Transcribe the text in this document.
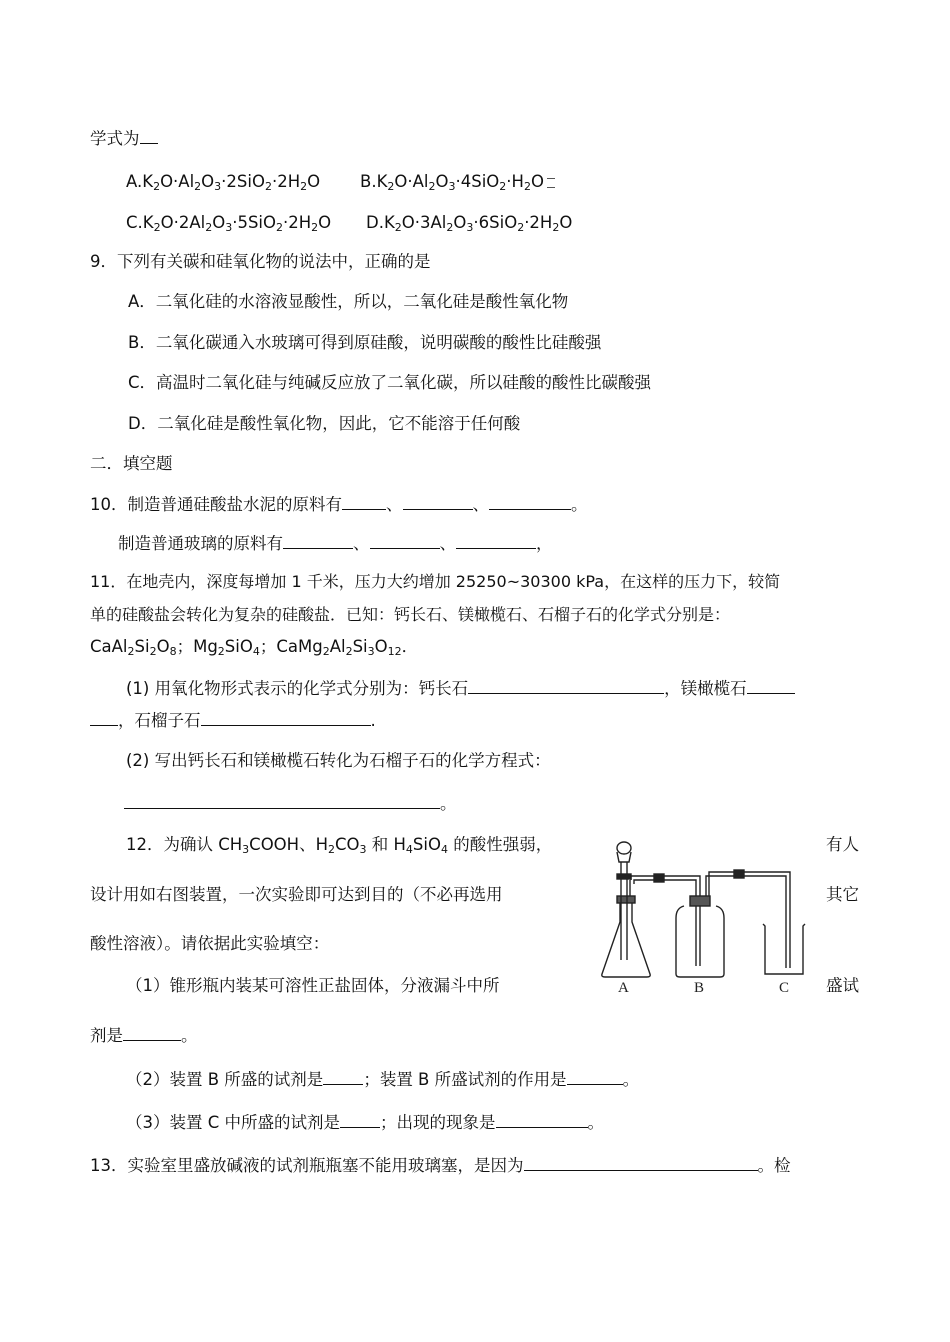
学式为
$A.K_2O\cdot Al_2O_3\cdot 2SiO_2\cdot 2H_2O$ $B.K_2O\cdot Al_2O_3\cdot 4SiO_2\cdot H_2O$
$C.K_2O\cdot 2Al_2O_3\cdot 5SiO_2\cdot 2H_2O$ $D.K_2O\cdot 3Al_2O_3\cdot 6SiO_2\cdot 2H_2O$
9．下列有关碳和硅氧化物的说法中，正确的是
A．二氧化硅的水溶液显酸性，所以，二氧化硅是酸性氧化物
B．二氧化碳通入水玻璃可得到原硅酸，说明碳酸的酸性比硅酸强
C．高温时二氧化硅与纯碱反应放了二氧化碳，所以硅酸的酸性比碳酸强
D．二氧化硅是酸性氧化物，因此，它不能溶于任何酸
二．填空题
10．制造普通硅酸盐水泥的原料有	、	、	。
制造普通玻璃的原料有	、	、	，
11．在地壳内，深度每增加 1 千米，压力大约增加 25250~30300 kPa，在这样的压力下，较简
单的硅酸盐会转化为复杂的硅酸盐．已知：钙长石、镁橄榄石、石榴子石的化学式分别是：
$CaAl_2Si_2O_8$；$Mg_2SiO_4$；$CaMg_2Al_2Si_3O_{12}$．
(1) 用氧化物形式表示的化学式分别为：钙长石	，镁橄榄石
，石榴子石	.
(2) 写出钙长石和镁橄榄石转化为石榴子石的化学方程式：
。
12．为确认 $CH_3COOH$、$H_2CO_3$ 和 $H_4SiO_4$ 的酸性强弱，	有人
设计用如右图装置，一次实验即可达到目的（不必再选用	其它
酸性溶液）。请依据此实验填空：
（1）锥形瓶内装某可溶性正盐固体，分液漏斗中所	盛试
剂是	。
（2）装置 B 所盛的试剂是 ；装置 B 所盛试剂的作用是	。
（3）装置 C 中所盛的试剂是 ；出现的现象是	。
A	B	C
13．实验室里盛放碱液的试剂瓶瓶塞不能用玻璃塞，是因为	。检
